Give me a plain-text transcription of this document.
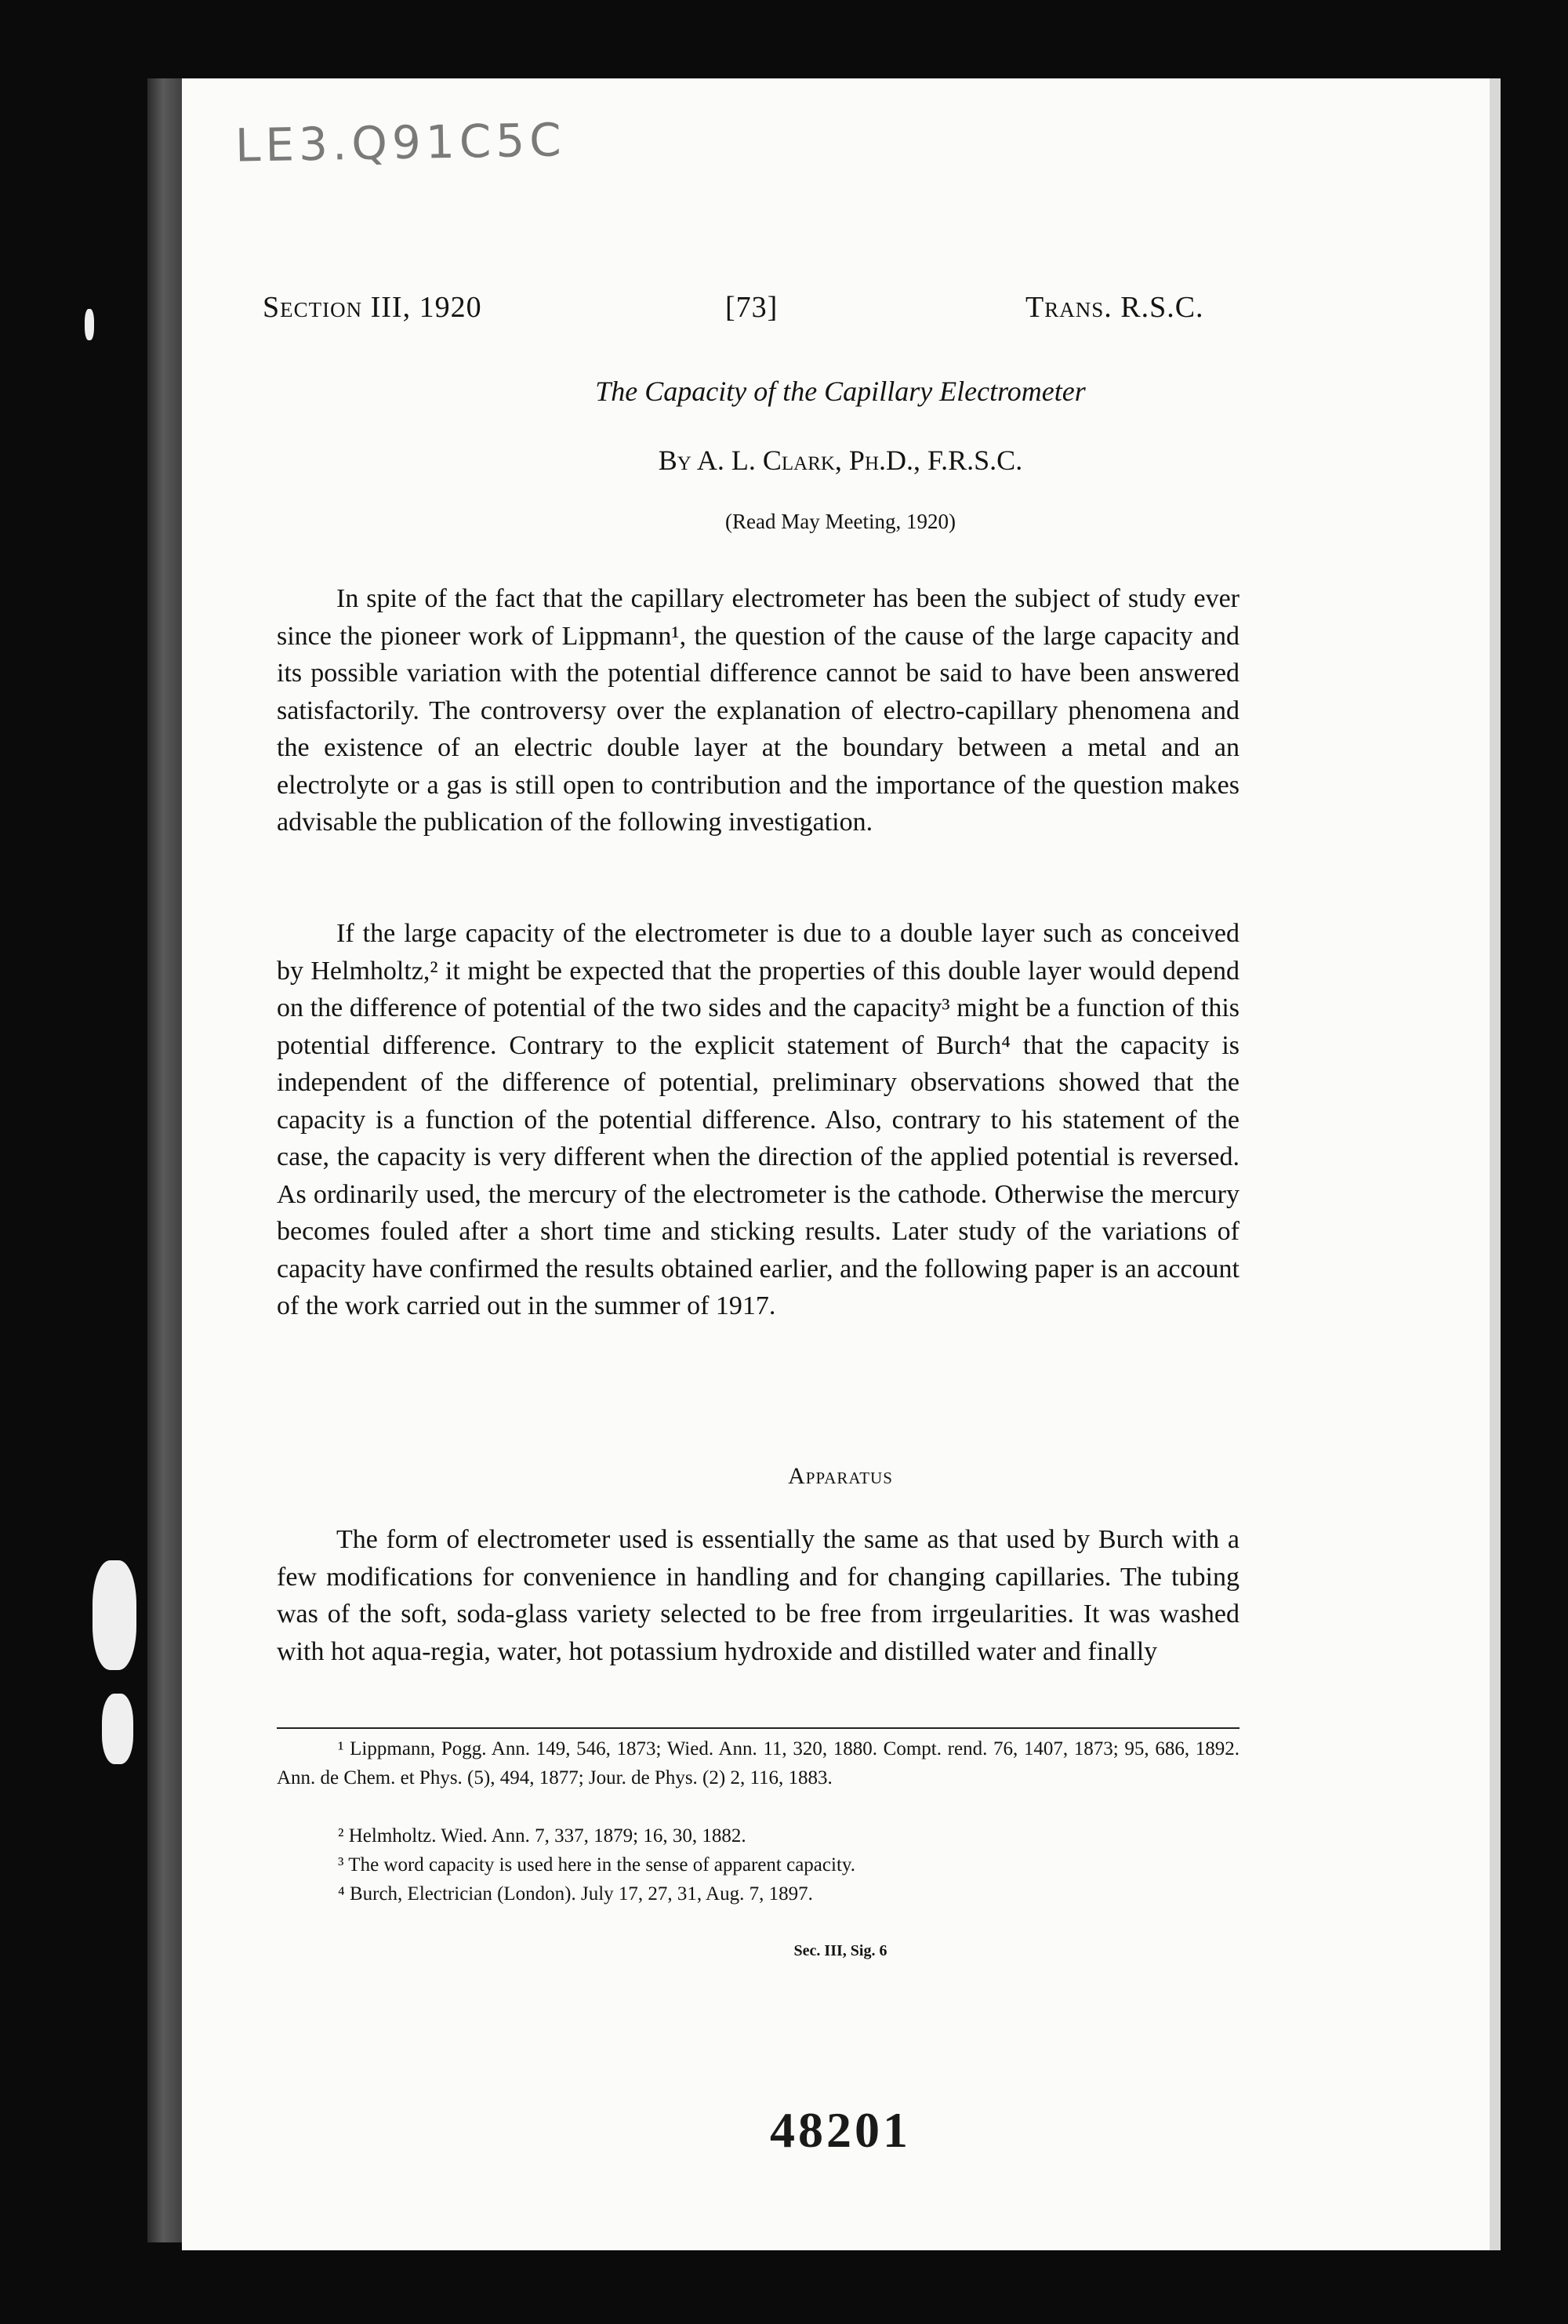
LE3.Q91C5C
Section III, 1920	[73]	Trans. R.S.C.
The Capacity of the Capillary Electrometer
By A. L. Clark, Ph.D., F.R.S.C.
(Read May Meeting, 1920)

In spite of the fact that the capillary electrometer has been the subject of study ever since the pioneer work of Lippmann¹, the question of the cause of the large capacity and its possible variation with the potential difference cannot be said to have been answered satisfactorily. The controversy over the explanation of electro-capillary phenomena and the existence of an electric double layer at the boundary between a metal and an electrolyte or a gas is still open to contribution and the importance of the question makes advisable the publication of the following investigation.

If the large capacity of the electrometer is due to a double layer such as conceived by Helmholtz,² it might be expected that the properties of this double layer would depend on the difference of potential of the two sides and the capacity³ might be a function of this potential difference. Contrary to the explicit statement of Burch⁴ that the capacity is independent of the difference of potential, preliminary observations showed that the capacity is a function of the potential difference. Also, contrary to his statement of the case, the capacity is very different when the direction of the applied potential is reversed. As ordinarily used, the mercury of the electrometer is the cathode. Otherwise the mercury becomes fouled after a short time and sticking results. Later study of the variations of capacity have confirmed the results obtained earlier, and the following paper is an account of the work carried out in the summer of 1917.

Apparatus

The form of electrometer used is essentially the same as that used by Burch with a few modifications for convenience in handling and for changing capillaries. The tubing was of the soft, soda-glass variety selected to be free from irrgeularities. It was washed with hot aqua-regia, water, hot potassium hydroxide and distilled water and finally

¹ Lippmann, Pogg. Ann. 149, 546, 1873; Wied. Ann. 11, 320, 1880. Compt. rend. 76, 1407, 1873; 95, 686, 1892. Ann. de Chem. et Phys. (5), 494, 1877; Jour. de Phys. (2) 2, 116, 1883.

² Helmholtz. Wied. Ann. 7, 337, 1879; 16, 30, 1882.

³ The word capacity is used here in the sense of apparent capacity.

⁴ Burch, Electrician (London). July 17, 27, 31, Aug. 7, 1897.

Sec. III, Sig. 6
48201
